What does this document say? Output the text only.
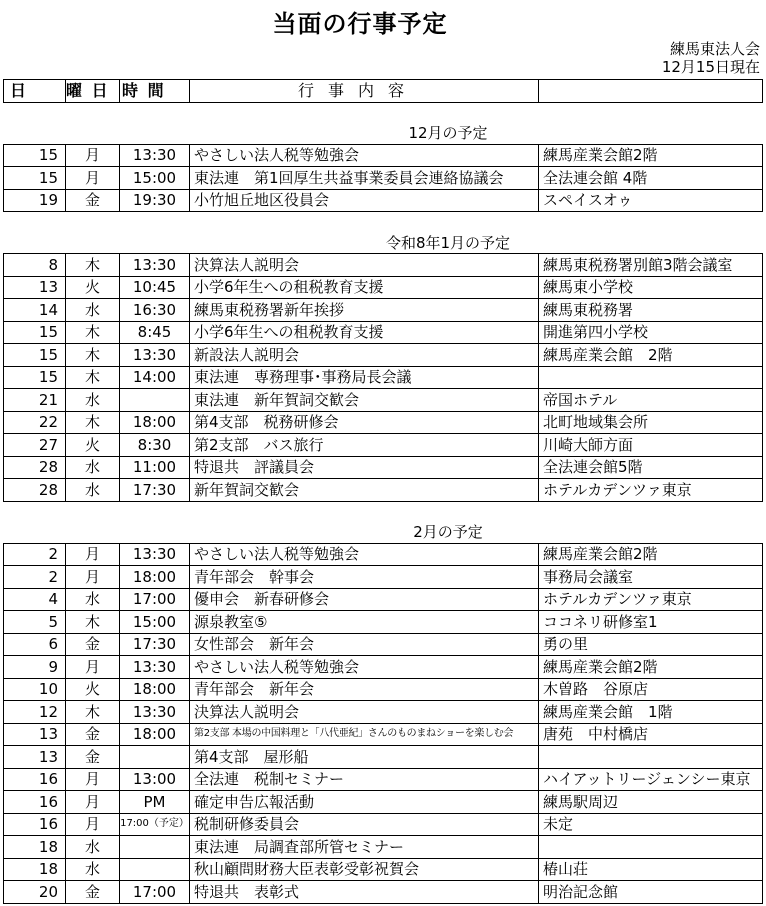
当面の行事予定
練馬東法人会
12月15日現在
日	曜 日	時 間	行事内容	

12月の予定				
15	月	13:30	やさしい法人税等勉強会	練馬産業会館2階
15	月	15:00	東法連　第1回厚生共益事業委員会連絡協議会	全法連会館 4階
19	金	19:30	小竹旭丘地区役員会	スペイスオゥ

令和8年1月の予定				
8	木	13:30	決算法人説明会	練馬東税務署別館3階会議室
13	火	10:45	小学6年生への租税教育支援	練馬東小学校
14	水	16:30	練馬東税務署新年挨拶	練馬東税務署
15	木	8:45	小学6年生への租税教育支援	開進第四小学校
15	木	13:30	新設法人説明会	練馬産業会館　2階
15	木	14:00	東法連　専務理事･事務局長会議	
21	水		東法連　新年賀詞交歓会	帝国ホテル
22	木	18:00	第4支部　税務研修会	北町地域集会所
27	火	8:30	第2支部　バス旅行	川崎大師方面
28	水	11:00	特退共　評議員会	全法連会館5階
28	水	17:30	新年賀詞交歓会	ホテルカデンツァ東京

2月の予定				
2	月	13:30	やさしい法人税等勉強会	練馬産業会館2階
2	月	18:00	青年部会　幹事会	事務局会議室
4	水	17:00	優申会　新春研修会	ホテルカデンツァ東京
5	木	15:00	源泉教室⑤	ココネリ研修室1
6	金	17:30	女性部会　新年会	勇の里
9	月	13:30	やさしい法人税等勉強会	練馬産業会館2階
10	火	18:00	青年部会　新年会	木曽路　谷原店
12	木	13:30	決算法人説明会	練馬産業会館　1階
13	金	18:00	第2支部 本場の中国料理と「八代亜紀」さんのものまねショーを楽しむ会	唐苑　中村橋店
13	金		第4支部　屋形船	
16	月	13:00	全法連　税制セミナー	ハイアットリージェンシー東京
16	月	PM	確定申告広報活動	練馬駅周辺
16	月	17:00（予定）	税制研修委員会	未定
18	水		東法連　局調査部所管セミナー	
18	水		秋山顧問財務大臣表彰受彰祝賀会	椿山荘
20	金	17:00	特退共　表彰式	明治記念館
